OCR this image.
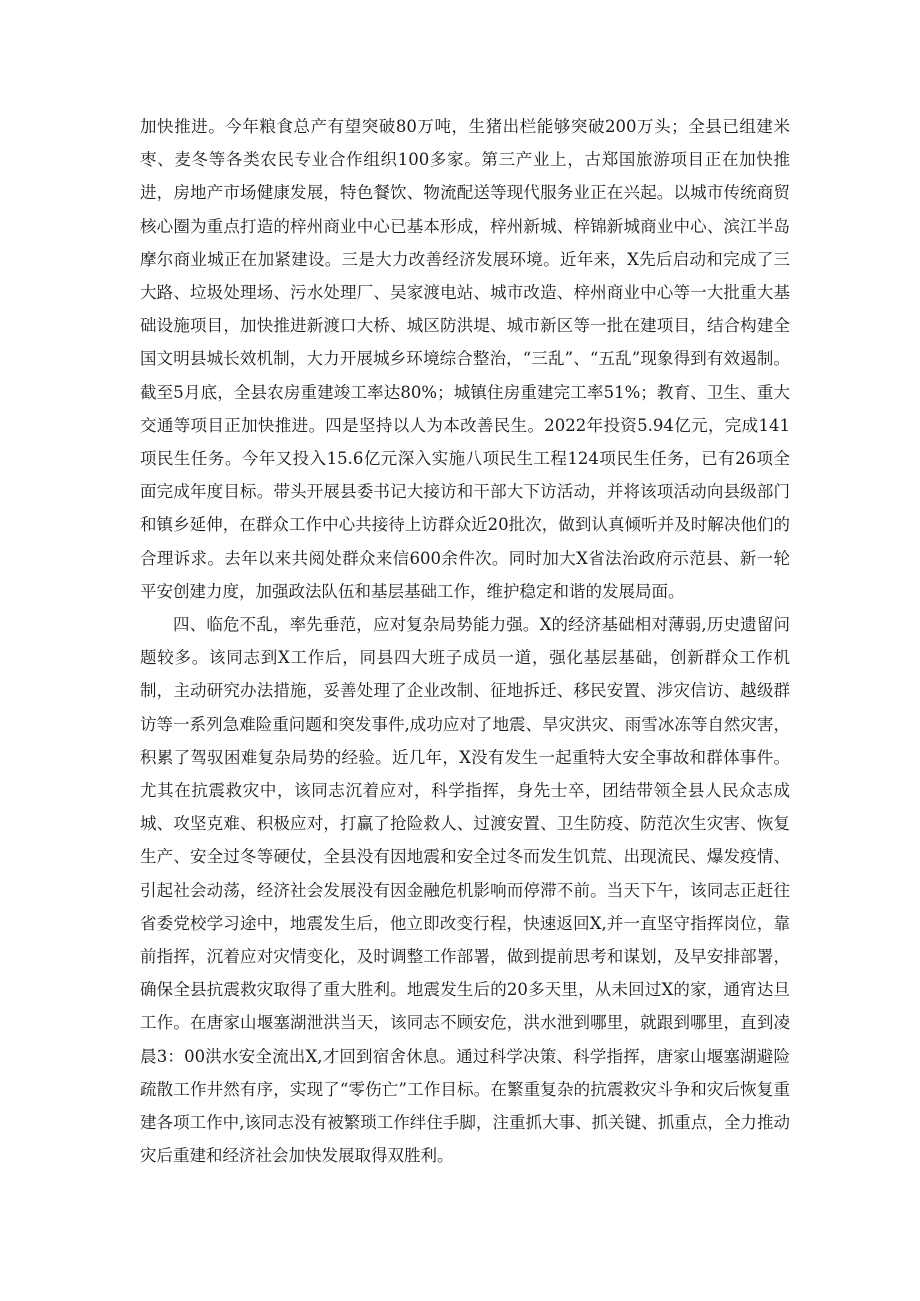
加快推进。今年粮食总产有望突破80万吨，生猪出栏能够突破200万头；全县已组建米枣、麦冬等各类农民专业合作组织100多家。第三产业上，古郑国旅游项目正在加快推进，房地产市场健康发展，特色餐饮、物流配送等现代服务业正在兴起。以城市传统商贸核心圈为重点打造的梓州商业中心已基本形成，梓州新城、梓锦新城商业中心、滨江半岛摩尔商业城正在加紧建设。三是大力改善经济发展环境。近年来，X先后启动和完成了三大路、垃圾处理场、污水处理厂、吴家渡电站、城市改造、梓州商业中心等一大批重大基础设施项目，加快推进新渡口大桥、城区防洪堤、城市新区等一批在建项目，结合构建全国文明县城长效机制，大力开展城乡环境综合整治，“三乱”、“五乱”现象得到有效遏制。截至5月底，全县农房重建竣工率达80%；城镇住房重建完工率51%；教育、卫生、重大交通等项目正加快推进。四是坚持以人为本改善民生。2022年投资5.94亿元，完成141项民生任务。今年又投入15.6亿元深入实施八项民生工程124项民生任务，已有26项全面完成年度目标。带头开展县委书记大接访和干部大下访活动，并将该项活动向县级部门和镇乡延伸，在群众工作中心共接待上访群众近20批次，做到认真倾听并及时解决他们的合理诉求。去年以来共阅处群众来信600余件次。同时加大X省法治政府示范县、新一轮平安创建力度，加强政法队伍和基层基础工作，维护稳定和谐的发展局面。

四、临危不乱，率先垂范，应对复杂局势能力强。X的经济基础相对薄弱,历史遗留问题较多。该同志到X工作后，同县四大班子成员一道，强化基层基础，创新群众工作机制，主动研究办法措施，妥善处理了企业改制、征地拆迁、移民安置、涉灾信访、越级群访等一系列急难险重问题和突发事件,成功应对了地震、旱灾洪灾、雨雪冰冻等自然灾害，积累了驾驭困难复杂局势的经验。近几年，X没有发生一起重特大安全事故和群体事件。尤其在抗震救灾中，该同志沉着应对，科学指挥，身先士卒，团结带领全县人民众志成城、攻坚克难、积极应对，打赢了抢险救人、过渡安置、卫生防疫、防范次生灾害、恢复生产、安全过冬等硬仗，全县没有因地震和安全过冬而发生饥荒、出现流民、爆发疫情、引起社会动荡，经济社会发展没有因金融危机影响而停滞不前。当天下午，该同志正赶往省委党校学习途中，地震发生后，他立即改变行程，快速返回X,并一直坚守指挥岗位，靠前指挥，沉着应对灾情变化，及时调整工作部署，做到提前思考和谋划，及早安排部署，确保全县抗震救灾取得了重大胜利。地震发生后的20多天里，从未回过X的家，通宵达旦工作。在唐家山堰塞湖泄洪当天，该同志不顾安危，洪水泄到哪里，就跟到哪里，直到凌晨3：00洪水安全流出X,才回到宿舍休息。通过科学决策、科学指挥，唐家山堰塞湖避险疏散工作井然有序，实现了“零伤亡”工作目标。在繁重复杂的抗震救灾斗争和灾后恢复重建各项工作中,该同志没有被繁琐工作绊住手脚，注重抓大事、抓关键、抓重点，全力推动灾后重建和经济社会加快发展取得双胜利。
